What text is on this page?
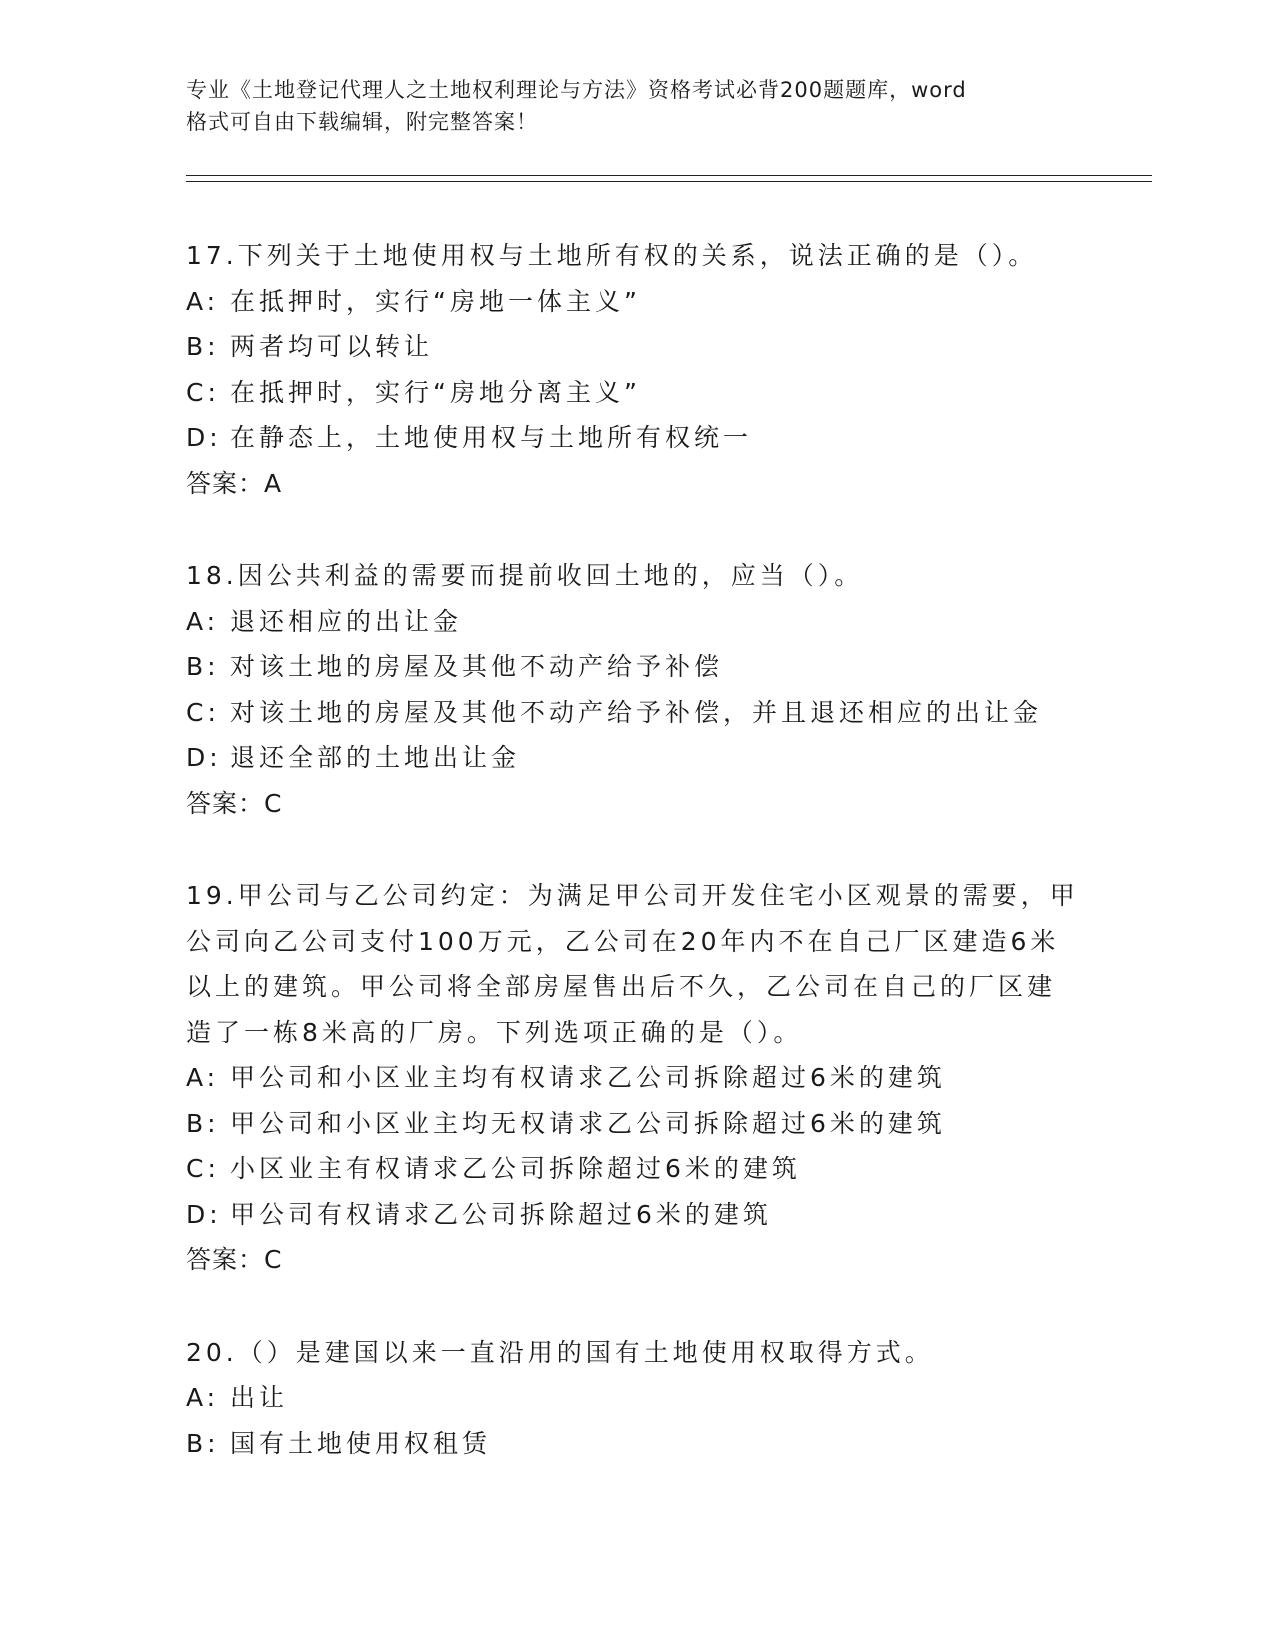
专业《土地登记代理人之土地权利理论与方法》资格考试必背200题题库，word
格式可自由下载编辑，附完整答案！
17.下列关于土地使用权与土地所有权的关系，说法正确的是（）。
A: 在抵押时，实行“房地一体主义”
B: 两者均可以转让
C: 在抵押时，实行“房地分离主义”
D: 在静态上，土地使用权与土地所有权统一
答案：A
18.因公共利益的需要而提前收回土地的，应当（）。
A: 退还相应的出让金
B: 对该土地的房屋及其他不动产给予补偿
C: 对该土地的房屋及其他不动产给予补偿，并且退还相应的出让金
D: 退还全部的土地出让金
答案：C
19.甲公司与乙公司约定：为满足甲公司开发住宅小区观景的需要，甲
公司向乙公司支付100万元，乙公司在20年内不在自己厂区建造6米
以上的建筑。甲公司将全部房屋售出后不久，乙公司在自己的厂区建
造了一栋8米高的厂房。下列选项正确的是（）。
A: 甲公司和小区业主均有权请求乙公司拆除超过6米的建筑
B: 甲公司和小区业主均无权请求乙公司拆除超过6米的建筑
C: 小区业主有权请求乙公司拆除超过6米的建筑
D: 甲公司有权请求乙公司拆除超过6米的建筑
答案：C
20.（）是建国以来一直沿用的国有土地使用权取得方式。
A: 出让
B: 国有土地使用权租赁
